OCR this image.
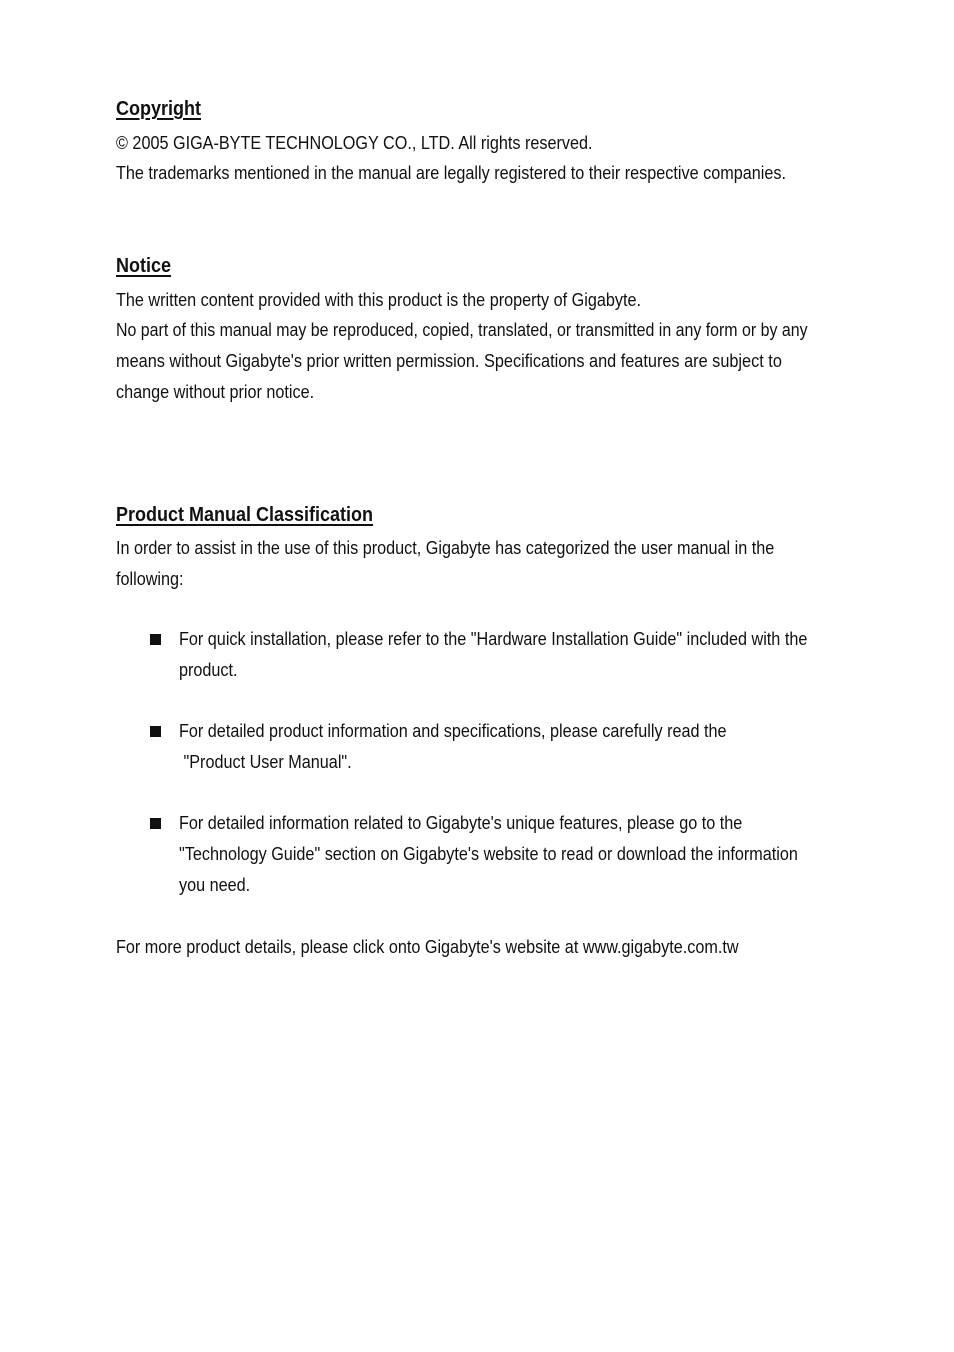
Copyright
© 2005 GIGA-BYTE TECHNOLOGY CO., LTD. All rights reserved.
The trademarks mentioned in the manual are legally registered to their respective companies.
Notice
The written content provided with this product is the property of Gigabyte.
No part of this manual may be reproduced, copied, translated, or transmitted in any form or by any
means without Gigabyte's prior written permission. Specifications and features are subject to
change without prior notice.
Product Manual Classification
In order to assist in the use of this product, Gigabyte has categorized the user manual in the
following:
For quick installation, please refer to the "Hardware Installation Guide" included with the
product.
For detailed product information and specifications, please carefully read the
"Product User Manual".
For detailed information related to Gigabyte's unique features, please go to the
"Technology Guide" section on Gigabyte's website to read or download the information
you need.
For more product details, please click onto Gigabyte's website at www.gigabyte.com.tw
